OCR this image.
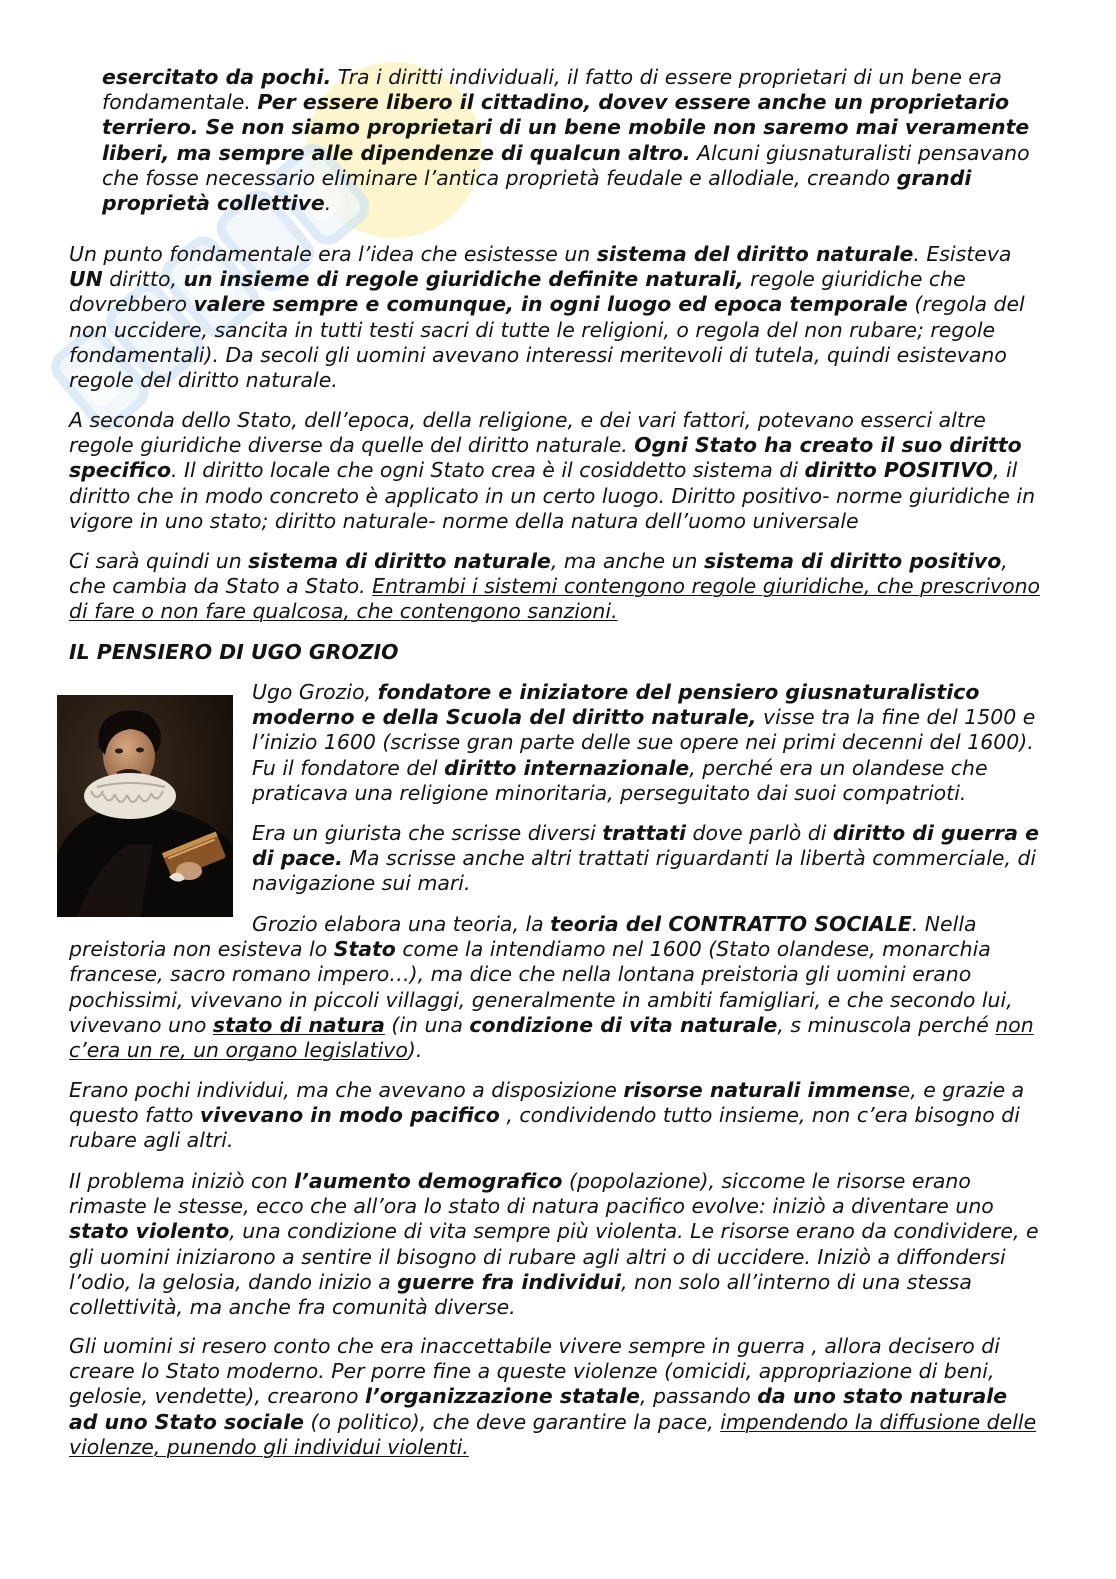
esercitato da pochi. Tra i diritti individuali, il fatto di essere proprietari di un bene era
fondamentale. Per essere libero il cittadino, dovev essere anche un proprietario
terriero. Se non siamo proprietari di un bene mobile non saremo mai veramente
liberi, ma sempre alle dipendenze di qualcun altro. Alcuni giusnaturalisti pensavano
che fosse necessario eliminare l’antica proprietà feudale e allodiale, creando grandi
proprietà collettive.
Un punto fondamentale era l’idea che esistesse un sistema del diritto naturale. Esisteva
UN diritto, un insieme di regole giuridiche definite naturali, regole giuridiche che
dovrebbero valere sempre e comunque, in ogni luogo ed epoca temporale (regola del
non uccidere, sancita in tutti testi sacri di tutte le religioni, o regola del non rubare; regole
fondamentali). Da secoli gli uomini avevano interessi meritevoli di tutela, quindi esistevano
regole del diritto naturale.
A seconda dello Stato, dell’epoca, della religione, e dei vari fattori, potevano esserci altre
regole giuridiche diverse da quelle del diritto naturale. Ogni Stato ha creato il suo diritto
specifico. Il diritto locale che ogni Stato crea è il cosiddetto sistema di diritto POSITIVO, il
diritto che in modo concreto è applicato in un certo luogo. Diritto positivo- norme giuridiche in
vigore in uno stato; diritto naturale- norme della natura dell’uomo universale
Ci sarà quindi un sistema di diritto naturale, ma anche un sistema di diritto positivo,
che cambia da Stato a Stato. Entrambi i sistemi contengono regole giuridiche, che prescrivono
di fare o non fare qualcosa, che contengono sanzioni.
IL PENSIERO DI UGO GROZIO
Ugo Grozio, fondatore e iniziatore del pensiero giusnaturalistico
moderno e della Scuola del diritto naturale, visse tra la fine del 1500 e
l’inizio 1600 (scrisse gran parte delle sue opere nei primi decenni del 1600).
Fu il fondatore del diritto internazionale, perché era un olandese che
praticava una religione minoritaria, perseguitato dai suoi compatrioti.
Era un giurista che scrisse diversi trattati dove parlò di diritto di guerra e
di pace. Ma scrisse anche altri trattati riguardanti la libertà commerciale, di
navigazione sui mari.
Grozio elabora una teoria, la teoria del CONTRATTO SOCIALE. Nella
preistoria non esisteva lo Stato come la intendiamo nel 1600 (Stato olandese, monarchia
francese, sacro romano impero…), ma dice che nella lontana preistoria gli uomini erano
pochissimi, vivevano in piccoli villaggi, generalmente in ambiti famigliari, e che secondo lui,
vivevano uno stato di natura (in una condizione di vita naturale, s minuscola perché non
c’era un re, un organo legislativo).
Erano pochi individui, ma che avevano a disposizione risorse naturali immense, e grazie a
questo fatto vivevano in modo pacifico , condividendo tutto insieme, non c’era bisogno di
rubare agli altri.
Il problema iniziò con l’aumento demografico (popolazione), siccome le risorse erano
rimaste le stesse, ecco che all’ora lo stato di natura pacifico evolve: iniziò a diventare uno
stato violento, una condizione di vita sempre più violenta. Le risorse erano da condividere, e
gli uomini iniziarono a sentire il bisogno di rubare agli altri o di uccidere. Iniziò a diffondersi
l’odio, la gelosia, dando inizio a guerre fra individui, non solo all’interno di una stessa
collettività, ma anche fra comunità diverse.
Gli uomini si resero conto che era inaccettabile vivere sempre in guerra , allora decisero di
creare lo Stato moderno. Per porre fine a queste violenze (omicidi, appropriazione di beni,
gelosie, vendette), crearono l’organizzazione statale, passando da uno stato naturale
ad uno Stato sociale (o politico), che deve garantire la pace, impendendo la diffusione delle
violenze, punendo gli individui violenti.
